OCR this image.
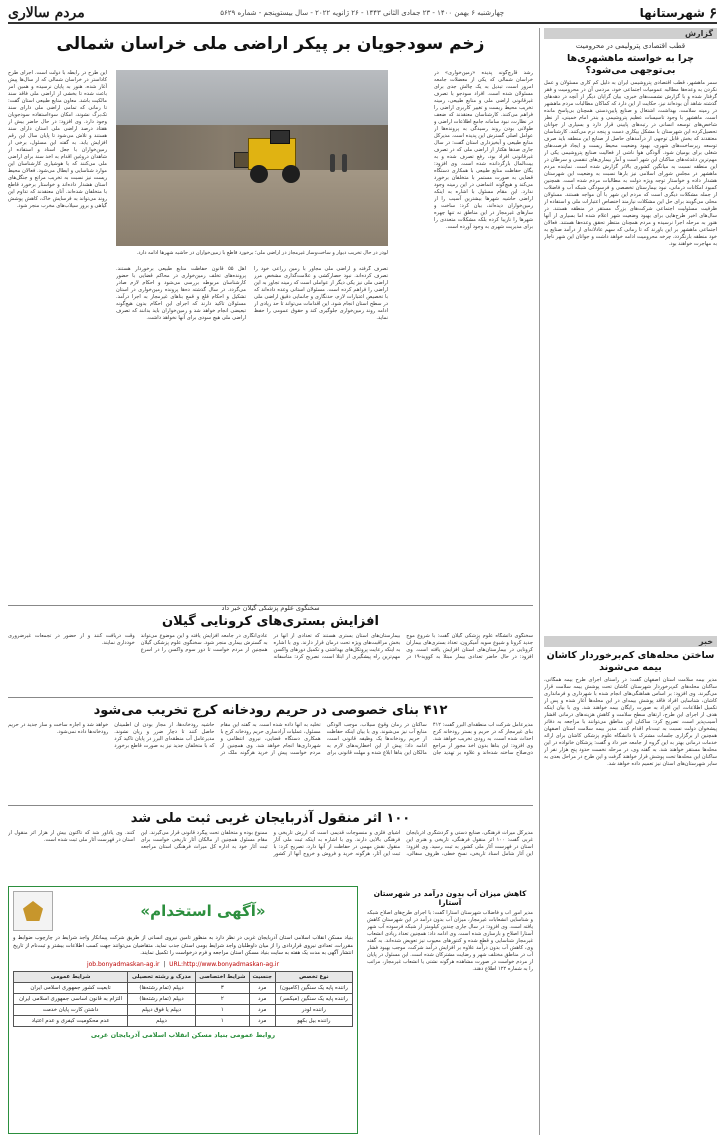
۶
شهرستانها
چهارشنبه ۶ بهمن ۱۴۰۰ - ۲۳ جمادی الثانی ۱۴۴۳ - ۲۶ ژانویه ۲۰۲۲ - سال بیستوپنجم - شماره ۵۶۲۹
مردم سالاری
گزارش
قطب اقتصادی پترولیمی در محرومیت
چرا به خواسته ماهشهری‌ها بی‌توجهی می‌شود؟
سمر ماهشهر، قطب اقتصادی پتروشیمی ایران به دلیل کم کاری مسئولان و عمل نکردن به وعده‌ها مطالبه عمومیات اجتماعی خود، مردمی آن در محرومیت و فقر گرفتار شده و با گزارش نشست‌های خبری، بیان گرایان دیگر از آنچه در دهه‌های گذشته شاهد آن بوده‌اند نیز، حکایت از این دارد که کماکان مطالبات مردم ماهشهر در زمینه سلامت، بهداشت، اشتغال و صنایع پایین‌دستی همچنان بی‌پاسخ مانده است. ماهشهر با وجود تاسیسات عظیم پتروشیمی و بندر امام خمینی، از نظر شاخص‌های توسعه انسانی در رتبه‌های پایینی قرار دارد و بسیاری از جوانان تحصیل‌کرده این شهرستان با مشکل بیکاری دست و پنجه نرم می‌کنند. کارشناسان معتقدند که بخش قابل توجهی از درآمدهای حاصل از صنایع این منطقه باید صرف توسعه زیرساخت‌های شهری، بهبود وضعیت محیط زیست و ایجاد فرصت‌های شغلی برای بومیان شود. آلودگی هوا ناشی از فعالیت صنایع پتروشیمی یکی از مهم‌ترین دغدغه‌های ساکنان این شهر است و آمار بیماری‌های تنفسی و سرطان در این منطقه نسبت به میانگین کشوری بالاتر گزارش شده است. نماینده مردم ماهشهر در مجلس شورای اسلامی نیز بارها نسبت به وضعیت این شهرستان هشدار داده و خواستار توجه ویژه دولت به مطالبات مردم شده است. همچنین کمبود امکانات درمانی، نبود بیمارستان تخصصی و فرسودگی شبکه آب و فاضلاب از جمله مشکلات دیگری است که مردم این شهر با آن مواجه هستند. مسئولان محلی می‌گویند برای حل این مشکلات نیازمند اختصاص اعتبارات ملی و استفاده از ظرفیت مسئولیت اجتماعی شرکت‌های بزرگ مستقر در منطقه هستند. در سال‌های اخیر طرح‌هایی برای بهبود وضعیت شهر اعلام شده اما بسیاری از آنها هنوز به مرحله اجرا نرسیده و مردم همچنان منتظر تحقق وعده‌ها هستند. فعالان اجتماعی ماهشهر بر این باورند که تا زمانی که سهم عادلانه‌ای از درآمد صنایع به خود منطقه بازنگردد، چرخه محرومیت ادامه خواهد داشت و جوانان این شهر ناچار به مهاجرت خواهند بود.
خبر
ساختن محله‌های کم‌برخوردار کاشان بیمه می‌شوند
مدیر بیمه سلامت استان اصفهان گفت: در راستای اجرای طرح بیمه همگانی، ساکنان محله‌های کم‌برخوردار شهرستان کاشان تحت پوشش بیمه سلامت قرار می‌گیرند. وی افزود: بر اساس هماهنگی‌های انجام شده با شهرداری و فرمانداری کاشان، شناسایی افراد فاقد پوشش بیمه‌ای در این محله‌ها آغاز شده و پس از تکمیل اطلاعات، این افراد به صورت رایگان بیمه خواهند شد. وی با بیان اینکه هدف از اجرای این طرح، ارتقای سطح سلامت و کاهش هزینه‌های درمانی اقشار آسیب‌پذیر است، تصریح کرد: ساکنان این مناطق می‌توانند با مراجعه به دفاتر پیشخوان دولت نسبت به ثبت‌نام اقدام کنند. مدیر بیمه سلامت استان اصفهان همچنین از برگزاری جلسات مشترک با دانشگاه علوم پزشکی کاشان برای ارائه خدمات درمانی بهتر به این گروه از جامعه خبر داد و گفت: پزشکان خانواده در این محله‌ها مستقر خواهند شد. به گفته وی، در مرحله نخست حدود پنج هزار نفر از ساکنان این محله‌ها تحت پوشش قرار خواهند گرفت و این طرح در مراحل بعدی به سایر شهرستان‌های استان نیز تعمیم داده خواهد شد.
زخم سودجویان بر پیکر اراضی ملی خراسان شمالی
رشد قارچ‌گونه پدیده «زمین‌خواری» در خراسان شمالی که یکی از معضلات جامعه امروز است، تبدیل به یک چالش جدی برای مسئولان شده است. افراد سودجو با تصرف غیرقانونی اراضی ملی و منابع طبیعی، زمینه تخریب محیط زیست و تغییر کاربری اراضی را فراهم می‌کنند. کارشناسان معتقدند که ضعف در نظارت، نبود سامانه جامع اطلاعات اراضی و طولانی بودن روند رسیدگی به پرونده‌ها از عوامل اصلی گسترش این پدیده است. مدیرکل منابع طبیعی و آبخیزداری استان گفت: در سال جاری صدها هکتار از اراضی ملی که در تصرف غیرقانونی افراد بود، رفع تصرف شده و به بیت‌المال بازگردانده شده است. وی افزود: یگان حفاظت منابع طبیعی با همکاری دستگاه قضایی به صورت مستمر با متخلفان برخورد می‌کند و هیچ‌گونه اغماضی در این زمینه وجود ندارد. این مقام مسئول با اشاره به اینکه اراضی حاشیه شهرها بیشترین آسیب را از زمین‌خواران دیده‌اند، بیان کرد: ساخت و سازهای غیرمجاز در این مناطق نه تنها چهره شهرها را نازیبا کرده بلکه مشکلات متعددی را برای مدیریت شهری به وجود آورده است.
لودر در حال تخریب دیوار و ساخت‌وساز غیرمجاز در اراضی ملی؛ برخورد قاطع با زمین‌خواران در حاشیه شهرها ادامه دارد.
اهل ۵۵ قانون حفاظت منابع طبیعی برخوردار هستند. پرونده‌های تخلف زمین‌خواری در محاکم قضایی با حضور کارشناسان مربوطه بررسی می‌شود و احکام لازم صادر می‌گردد. در سال گذشته ده‌ها پرونده زمین‌خواری در استان تشکیل و احکام قلع و قمع بناهای غیرمجاز به اجرا درآمد. مسئولان تاکید دارند که اجرای این احکام بدون هیچ‌گونه تبعیضی انجام خواهد شد و زمین‌خواران باید بدانند که تصرف اراضی ملی هیچ سودی برای آنها نخواهد داشت.
تصرف گرفته و اراضی ملی مجاور با زمین زراعی خود را تصرف کرده‌اند. نبود حصارکشی و علامت‌گذاری مشخص مرز اراضی ملی نیز یکی دیگر از عواملی است که زمینه تجاوز به این اراضی را فراهم کرده است. مسئولان استانی وعده داده‌اند که با تخصیص اعتبارات لازم، حدنگاری و جانمایی دقیق اراضی ملی در سطح استان انجام شود. این اقدامات می‌تواند تا حد زیادی از ادامه روند زمین‌خواری جلوگیری کند و حقوق عمومی را حفظ نماید.
این طرح در رابطه با دولت است. اجرای طرح کاداستر در خراسان شمالی که از سال‌ها پیش آغاز شده، هنوز به پایان نرسیده و همین امر باعث شده تا بخشی از اراضی ملی فاقد سند مالکیت باشد. معاون منابع طبیعی استان گفت: تا زمانی که تمامی اراضی ملی دارای سند تک‌برگ نشوند، امکان سوءاستفاده سودجویان وجود دارد. وی افزود: در حال حاضر بیش از هفتاد درصد اراضی ملی استان دارای سند هستند و تلاش می‌شود تا پایان سال این رقم افزایش یابد. به گفته این مسئول، برخی از زمین‌خواران با جعل اسناد و استفاده از شاهدان دروغین اقدام به اخذ سند برای اراضی ملی می‌کنند که با هوشیاری کارشناسان این موارد شناسایی و ابطال می‌شود. فعالان محیط زیست نیز نسبت به تخریب مراتع و جنگل‌های استان هشدار داده‌اند و خواستار برخورد قاطع با متخلفان شده‌اند. آنان معتقدند که تداوم این روند می‌تواند به فرسایش خاک، کاهش پوشش گیاهی و بروز سیلاب‌های مخرب منجر شود.
سخنگوی علوم پزشکی گیلان خبر داد
افزایش بستری‌های کرونایی گیلان
سخنگوی دانشگاه علوم پزشکی گیلان گفت: با شروع موج جدید کرونا و شیوع سویه اُمیکرون، تعداد بستری‌های بیماران کرونایی در بیمارستان‌های استان افزایش یافته است. وی افزود: در حال حاضر تعدادی بیمار مبتلا به کووید-۱۹ در بیمارستان‌های استان بستری هستند که تعدادی از آنها در بخش مراقبت‌های ویژه تحت درمان قرار دارند. وی با اشاره به اینکه رعایت پروتکل‌های بهداشتی و تکمیل دوزهای واکسن مهم‌ترین راه پیشگیری از ابتلا است، تصریح کرد: متاسفانه عادی‌انگاری در جامعه افزایش یافته و این موضوع می‌تواند به گسترش بیماری منجر شود. سخنگوی علوم پزشکی گیلان همچنین از مردم خواست تا دوز سوم واکسن را در اسرع وقت دریافت کنند و از حضور در تجمعات غیرضروری خودداری نمایند.
۴۱۲ بنای خصوصی در حریم رودخانه کرج تخریب می‌شود
مدیرعامل شرکت آب منطقه‌ای البرز گفت: ۴۱۲ بنای غیرمجاز که در حریم و بستر رودخانه کرج احداث شده است، به زودی تخریب خواهد شد. وی افزود: این بناها بدون اخذ مجوز از مراجع ذی‌صلاح ساخته شده‌اند و علاوه بر تهدید جان ساکنان در زمان وقوع سیلاب، موجب آلودگی منابع آب نیز می‌شوند. وی با بیان اینکه حفاظت از حریم رودخانه‌ها یک وظیفه قانونی است، ادامه داد: پیش از این اخطاریه‌های لازم به مالکان این بناها ابلاغ شده و مهلت قانونی برای تخلیه به آنها داده شده است. به گفته این مقام مسئول، عملیات آزادسازی حریم رودخانه کرج با همکاری دستگاه قضایی، نیروی انتظامی و شهرداری‌ها انجام خواهد شد. وی همچنین از مردم خواست پیش از خرید هرگونه ملک در حاشیه رودخانه‌ها، از مجاز بودن آن اطمینان حاصل کنند تا دچار ضرر و زیان نشوند. مدیرعامل آب منطقه‌ای البرز در پایان تاکید کرد که با متخلفان جدید نیز به صورت قاطع برخورد خواهد شد و اجازه ساخت و ساز جدید در حریم رودخانه‌ها داده نمی‌شود.
۱۰۰ اثر منقول آذربایجان غربی ثبت ملی شد
مدیرکل میراث فرهنگی، صنایع دستی و گردشگری آذربایجان غربی گفت: ۱۰۰ اثر منقول فرهنگی، تاریخی و هنری این استان در فهرست آثار ملی کشور به ثبت رسید. وی افزود: این آثار شامل اسناد تاریخی، نسخ خطی، ظروف سفالی، اشیای فلزی و منسوجات قدیمی است که ارزش تاریخی و فرهنگی بالایی دارند. وی با اشاره به اینکه ثبت ملی آثار منقول نقش مهمی در حفاظت از آنها دارد، تصریح کرد: با ثبت این آثار، هرگونه خرید و فروش و خروج آنها از کشور ممنوع بوده و متخلفان تحت پیگرد قانونی قرار می‌گیرند. این مقام مسئول همچنین از مالکان آثار تاریخی خواست برای ثبت آثار خود به اداره کل میراث فرهنگی استان مراجعه کنند. وی یادآور شد که تاکنون بیش از هزار اثر منقول از استان در فهرست آثار ملی ثبت شده است.
کاهش میزان آب بدون درآمد در شهرستان آستارا
مدیر امور آب و فاضلاب شهرستان آستارا گفت: با اجرای طرح‌های اصلاح شبکه و شناسایی انشعابات غیرمجاز، میزان آب بدون درآمد در این شهرستان کاهش یافته است. وی افزود: در سال جاری چندین کیلومتر از شبکه فرسوده آب شهر آستارا اصلاح و بازسازی شده است. وی ادامه داد: همچنین تعداد زیادی انشعاب غیرمجاز شناسایی و قطع شده و کنتورهای معیوب نیز تعویض شده‌اند. به گفته وی، کاهش آب بدون درآمد علاوه بر افزایش درآمد شرکت، موجب بهبود فشار آب در مناطق مختلف شهر و رضایت مشترکان شده است. این مسئول در پایان از مردم خواست در صورت مشاهده هرگونه نشتی یا انشعاب غیرمجاز، مراتب را به شماره ۱۲۲ اطلاع دهند.
«آگهی استخدام»
بنیاد مسکن انقلاب اسلامی استان آذربایجان غربی در نظر دارد به منظور تامین نیروی انسانی از طریق شرکت پیمانکار واجد شرایط در چارچوب ضوابط و مقررات، تعدادی نیروی قراردادی را از میان داوطلبان واجد شرایط بومی استان جذب نماید. متقاضیان می‌توانند جهت کسب اطلاعات بیشتر و ثبت‌نام از تاریخ انتشار آگهی به مدت یک هفته به سایت بنیاد مسکن استان مراجعه و فرم درخواست را تکمیل نمایند.
job.bonyadmaskan-ag.ir  |  URL:http://www.bonyadmaskan-ag.ir
نوع تخصص	جنسیت	شرایط اختصاصی	مدرک و رشته تحصیلی	شرایط عمومی
راننده پایه یک سنگین (کامیون)	مرد	۳	دیپلم (تمام رشته‌ها)	تابعیت کشور جمهوری اسلامی ایران
راننده پایه یک سنگین (میکسر)	مرد	۲	دیپلم (تمام رشته‌ها)	التزام به قانون اساسی جمهوری اسلامی ایران
راننده لودر	مرد	۱	دیپلم یا فوق دیپلم	داشتن کارت پایان خدمت
راننده بیل بکهو	مرد	۱	دیپلم	عدم محکومیت کیفری و عدم اعتیاد
روابط عمومی بنیاد مسکن انقلاب اسلامی آذربایجان غربی
